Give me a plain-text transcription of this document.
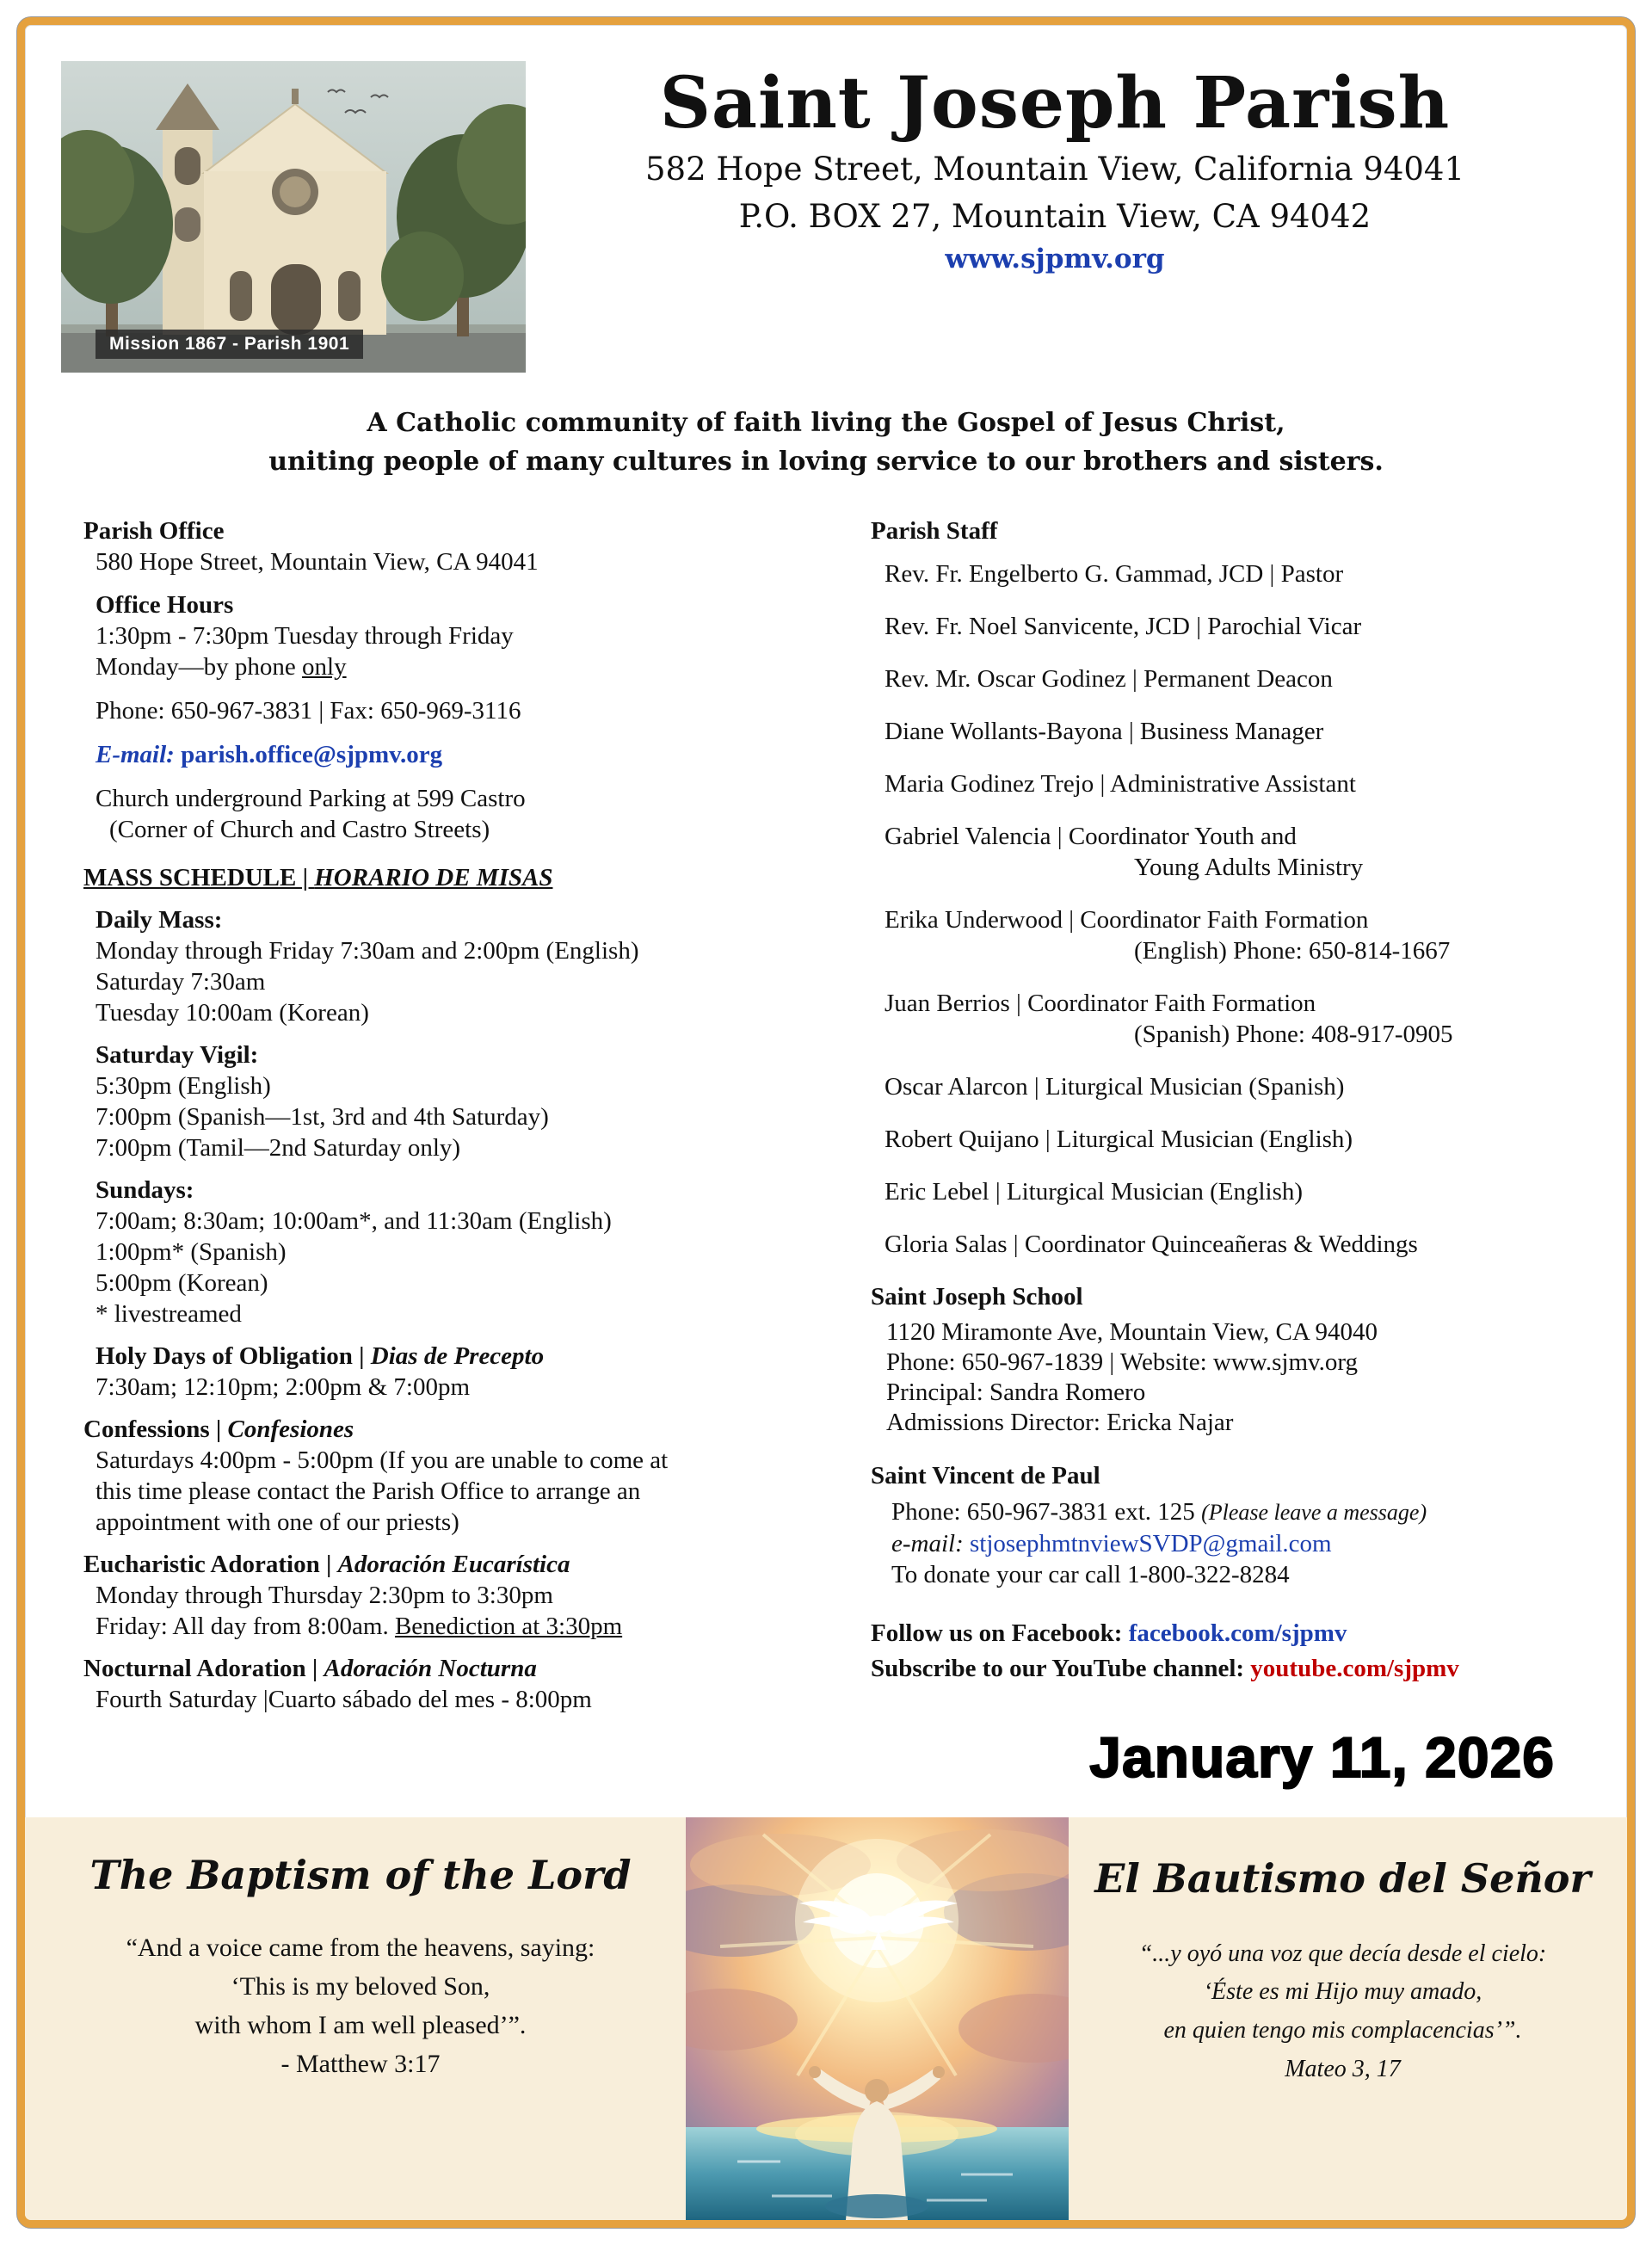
Mission 1867 - Parish 1901
Saint Joseph Parish
582 Hope Street, Mountain View, California 94041
P.O. BOX 27, Mountain View, CA 94042
www.sjpmv.org
A Catholic community of faith living the Gospel of Jesus Christ,
uniting people of many cultures in loving service to our brothers and sisters.
Parish Office
580 Hope Street, Mountain View, CA 94041
Office Hours
1:30pm - 7:30pm Tuesday through Friday
Monday—by phone only
Phone: 650-967-3831 | Fax: 650-969-3116
E-mail: parish.office@sjpmv.org
Church underground Parking at 599 Castro
(Corner of Church and Castro Streets)
MASS SCHEDULE | HORARIO DE MISAS
Daily Mass:
Monday through Friday 7:30am and 2:00pm (English)
Saturday 7:30am
Tuesday 10:00am (Korean)
Saturday Vigil:
5:30pm (English)
7:00pm (Spanish—1st, 3rd and 4th Saturday)
7:00pm (Tamil—2nd Saturday only)
Sundays:
7:00am; 8:30am; 10:00am*, and 11:30am (English)
1:00pm* (Spanish)
5:00pm (Korean)
* livestreamed
Holy Days of Obligation | Dias de Precepto
7:30am; 12:10pm; 2:00pm & 7:00pm
Confessions | Confesiones
Saturdays 4:00pm - 5:00pm (If you are unable to come at
this time please contact the Parish Office to arrange an
appointment with one of our priests)
Eucharistic Adoration | Adoración Eucarística
Monday through Thursday 2:30pm to 3:30pm
Friday: All day from 8:00am. Benediction at 3:30pm
Nocturnal Adoration | Adoración Nocturna
Fourth Saturday |Cuarto sábado del mes - 8:00pm
Parish Staff
Rev. Fr. Engelberto G. Gammad, JCD | Pastor
Rev. Fr. Noel Sanvicente, JCD | Parochial Vicar
Rev. Mr. Oscar Godinez | Permanent Deacon
Diane Wollants-Bayona | Business Manager
Maria Godinez Trejo | Administrative Assistant
Gabriel Valencia | Coordinator Youth and
Young Adults Ministry
Erika Underwood | Coordinator Faith Formation
(English) Phone: 650-814-1667
Juan Berrios | Coordinator Faith Formation
(Spanish) Phone: 408-917-0905
Oscar Alarcon | Liturgical Musician (Spanish)
Robert Quijano | Liturgical Musician (English)
Eric Lebel | Liturgical Musician (English)
Gloria Salas | Coordinator Quinceañeras & Weddings
Saint Joseph School
1120 Miramonte Ave, Mountain View, CA 94040
Phone: 650-967-1839 | Website: www.sjmv.org
Principal: Sandra Romero
Admissions Director: Ericka Najar
Saint Vincent de Paul
Phone: 650-967-3831 ext. 125 (Please leave a message)
e-mail: stjosephmtnviewSVDP@gmail.com
To donate your car call 1-800-322-8284
Follow us on Facebook: facebook.com/sjpmv
Subscribe to our YouTube channel: youtube.com/sjpmv
January 11, 2026
The Baptism of the Lord
“And a voice came from the heavens, saying:
‘This is my beloved Son,
with whom I am well pleased’”.
- Matthew 3:17
El Bautismo del Señor
“...y oyó una voz que decía desde el cielo:
‘Éste es mi Hijo muy amado,
en quien tengo mis complacencias’”.
Mateo 3, 17
